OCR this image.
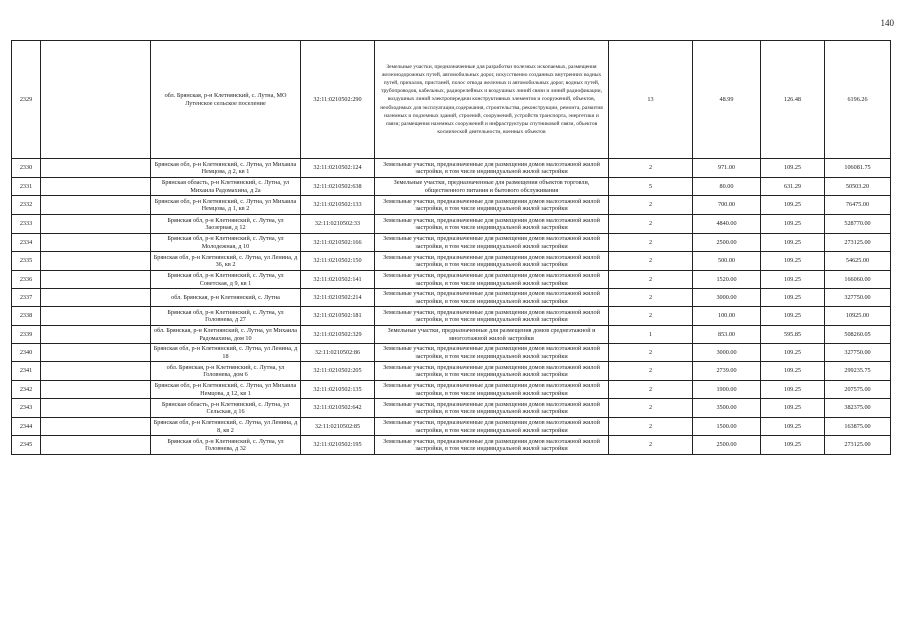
140
2329		обл. Брянская, р-н Клетнянский, с. Лутна, МО Лутенское сельское поселение	32:11:0210502:290	Земельные участки, предназначенные для разработки полезных ископаемых, размещения железнодорожных путей, автомобильных дорог, искусственно созданных внутренних водных путей, причалов, пристаней, полос отвода железных и автомобильных дорог, водных путей, трубопроводов, кабельных, радиорелейных и воздушных линий связи и линий радиофикации, воздушных линий электропередачи конструктивных элементов и сооружений, объектов, необходимых для эксплуатации,содержания, строительства, реконструкции, ремонта, развития наземных и подземных зданий, строений, сооружений, устройств транспорта, энергетики и связи; размещения наземных сооружений и инфраструктуры спутниковой связи, объектов космической деятельности, военных объектов	13	48.99	126.48	6196.26
2330		Брянская обл, р-н Клетнянский, с. Лутна, ул Михаила Немцова, д 2, кв 1	32:11:0210502:124	Земельные участки, предназначенные для размещения домов малоэтажной жилой застройки, в том числе индивидуальной жилой застройки	2	971.00	109.25	106081.75
2331		Брянская область, р-н Клетнянский, с. Лутна, ул Михаила Радомахина, д 2а	32:11:0210502:638	Земельные участки, предназначенные для размещения объектов торговли, общественного питания и бытового обслуживания	5	80.00	631.29	50503.20
2332		Брянская обл, р-н Клетнянский, с. Лутна, ул Михаила Немцова, д 1, кв 2	32:11:0210502:133	Земельные участки, предназначенные для размещения домов малоэтажной жилой застройки, в том числе индивидуальной жилой застройки	2	700.00	109.25	76475.00
2333		Брянская обл, р-н Клетнянский, с. Лутна, ул Заозерная, д 12	32:11:0210502:33	Земельные участки, предназначенные для размещения домов малоэтажной жилой застройки, в том числе индивидуальной жилой застройки	2	4840.00	109.25	528770.00
2334		Брянская обл, р-н Клетнянский, с. Лутна, ул Молодежная, д 10	32:11:0210502:166	Земельные участки, предназначенные для размещения домов малоэтажной жилой застройки, в том числе индивидуальной жилой застройки	2	2500.00	109.25	273125.00
2335		Брянская обл, р-н Клетнянский, с. Лутна, ул Ленина, д 36, кв 2	32:11:0210502:150	Земельные участки, предназначенные для размещения домов малоэтажной жилой застройки, в том числе индивидуальной жилой застройки	2	500.00	109.25	54625.00
2336		Брянская обл, р-н Клетнянский, с. Лутна, ул Советская, д 9, кв 1	32:11:0210502:141	Земельные участки, предназначенные для размещения домов малоэтажной жилой застройки, в том числе индивидуальной жилой застройки	2	1520.00	109.25	166060.00
2337		обл. Брянская, р-н Клетнянский, с. Лутна	32:11:0210502:214	Земельные участки, предназначенные для размещения домов малоэтажной жилой застройки, в том числе индивидуальной жилой застройки	2	3000.00	109.25	327750.00
2338		Брянская обл, р-н Клетнянский, с. Лутна, ул Головнева, д 27	32:11:0210502:181	Земельные участки, предназначенные для размещения домов малоэтажной жилой застройки, в том числе индивидуальной жилой застройки	2	100.00	109.25	10925.00
2339		обл. Брянская, р-н Клетнянский, с. Лутна, ул Михаила Радомахина, дом 10	32:11:0210502:329	Земельные участки, предназначенные для размещения домов среднеэтажной и многоэтажной жилой застройки	1	853.00	595.85	508260.05
2340		Брянская обл, р-н Клетнянский, с. Лутна, ул Ленина, д 18	32:11:0210502:86	Земельные участки, предназначенные для размещения домов малоэтажной жилой застройки, в том числе индивидуальной жилой застройки	2	3000.00	109.25	327750.00
2341		обл. Брянская, р-н Клетнянский, с. Лутна, ул Головнева, дом 6	32:11:0210502:205	Земельные участки, предназначенные для размещения домов малоэтажной жилой застройки, в том числе индивидуальной жилой застройки	2	2739.00	109.25	299235.75
2342		Брянская обл, р-н Клетнянский, с. Лутна, ул Михаила Немцова, д 12, кв 1	32:11:0210502:135	Земельные участки, предназначенные для размещения домов малоэтажной жилой застройки, в том числе индивидуальной жилой застройки	2	1900.00	109.25	207575.00
2343		Брянская область, р-н Клетнянский, с. Лутна, ул Сельская, д 16	32:11:0210502:642	Земельные участки, предназначенные для размещения домов малоэтажной жилой застройки, в том числе индивидуальной жилой застройки	2	3500.00	109.25	382375.00
2344		Брянская обл, р-н Клетнянский, с. Лутна, ул Ленина, д 8, кв 2	32:11:0210502:85	Земельные участки, предназначенные для размещения домов малоэтажной жилой застройки, в том числе индивидуальной жилой застройки	2	1500.00	109.25	163875.00
2345		Брянская обл, р-н Клетнянский, с. Лутна, ул Головнева, д 32	32:11:0210502:195	Земельные участки, предназначенные для размещения домов малоэтажной жилой застройки, в том числе индивидуальной жилой застройки	2	2500.00	109.25	273125.00
